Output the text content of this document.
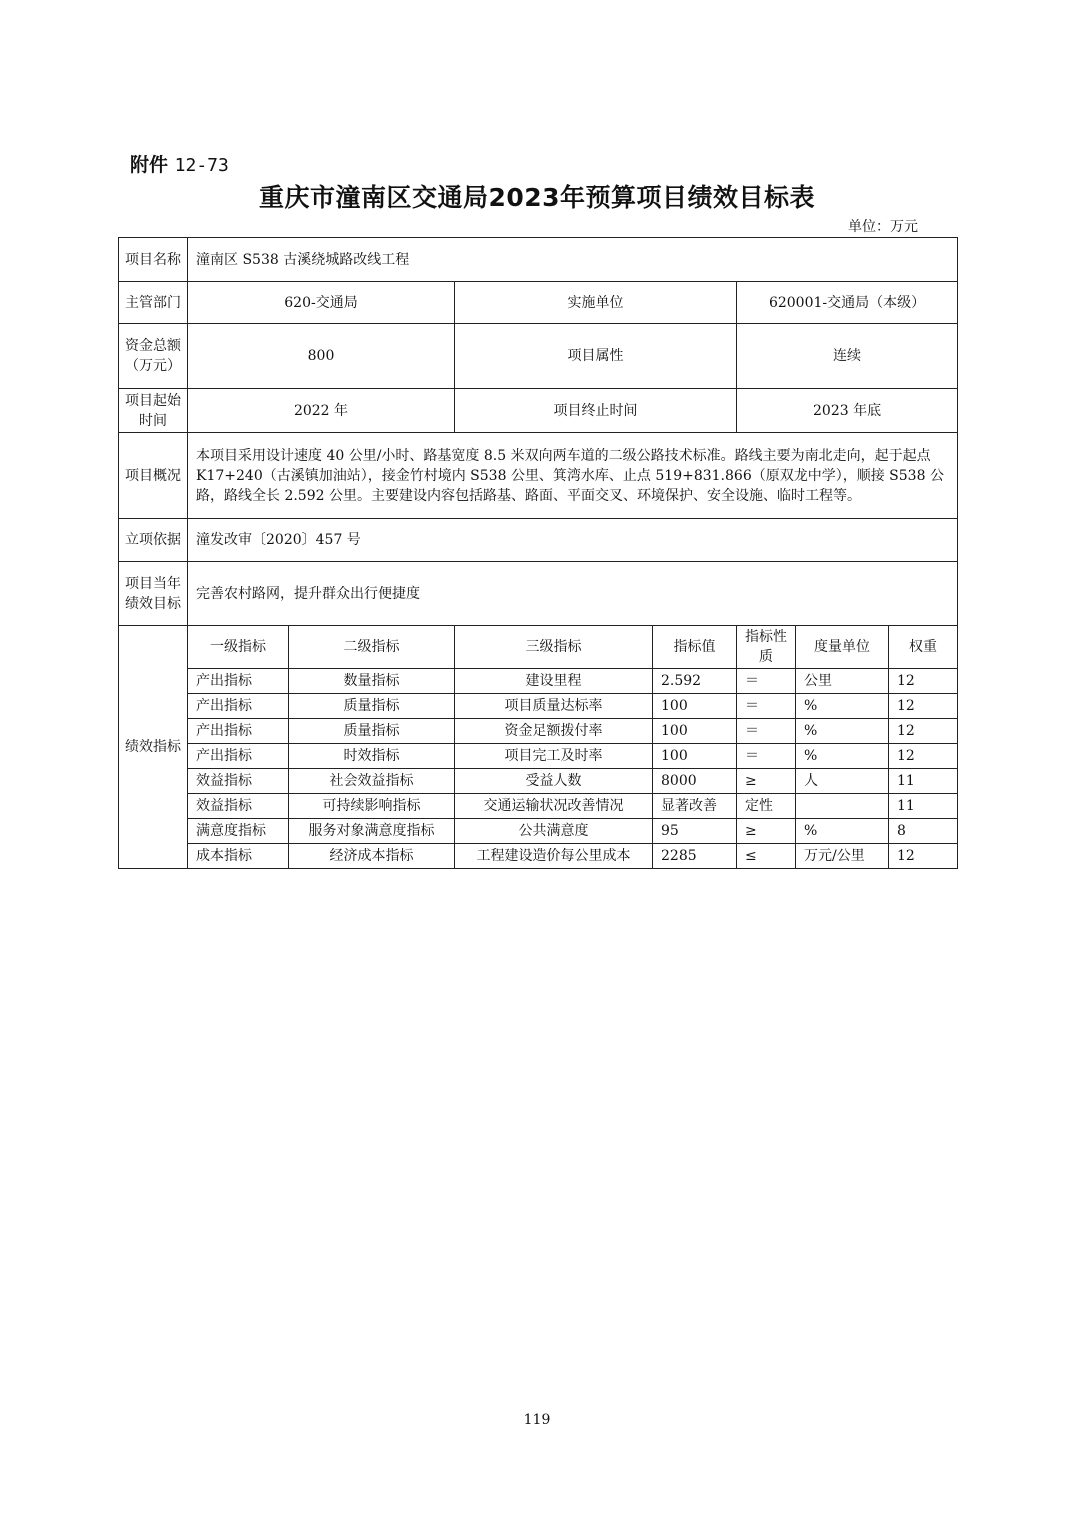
附件 12-73
重庆市潼南区交通局2023年预算项目绩效目标表
单位：万元
项目名称	潼南区 S538 古溪绕城路改线工程						
主管部门	620-交通局		实施单位		620001-交通局（本级）		
资金总额（万元）	800		项目属性		连续		
项目起始时间	2022 年		项目终止时间		2023 年底		
项目概况	本项目采用设计速度 40 公里/小时、路基宽度 8.5 米双向两车道的二级公路技术标准。路线主要为南北走向，起于起点 K17+240（古溪镇加油站），接金竹村境内 S538 公里、箕湾水库、止点 519+831.866（原双龙中学），顺接 S538 公路，路线全长 2.592 公里。主要建设内容包括路基、路面、平面交叉、环境保护、安全设施、临时工程等。						
立项依据	潼发改审〔2020〕457 号						
项目当年绩效目标	完善农村路网，提升群众出行便捷度						
绩效指标	一级指标	二级指标	三级指标	指标值	指标性质	度量单位	权重
	产出指标	数量指标	建设里程	2.592	＝	公里	12
	产出指标	质量指标	项目质量达标率	100	＝	%	12
	产出指标	质量指标	资金足额拨付率	100	＝	%	12
	产出指标	时效指标	项目完工及时率	100	＝	%	12
	效益指标	社会效益指标	受益人数	8000	≥	人	11
	效益指标	可持续影响指标	交通运输状况改善情况	显著改善	定性		11
	满意度指标	服务对象满意度指标	公共满意度	95	≥	%	8
	成本指标	经济成本指标	工程建设造价每公里成本	2285	≤	万元/公里	12
119
